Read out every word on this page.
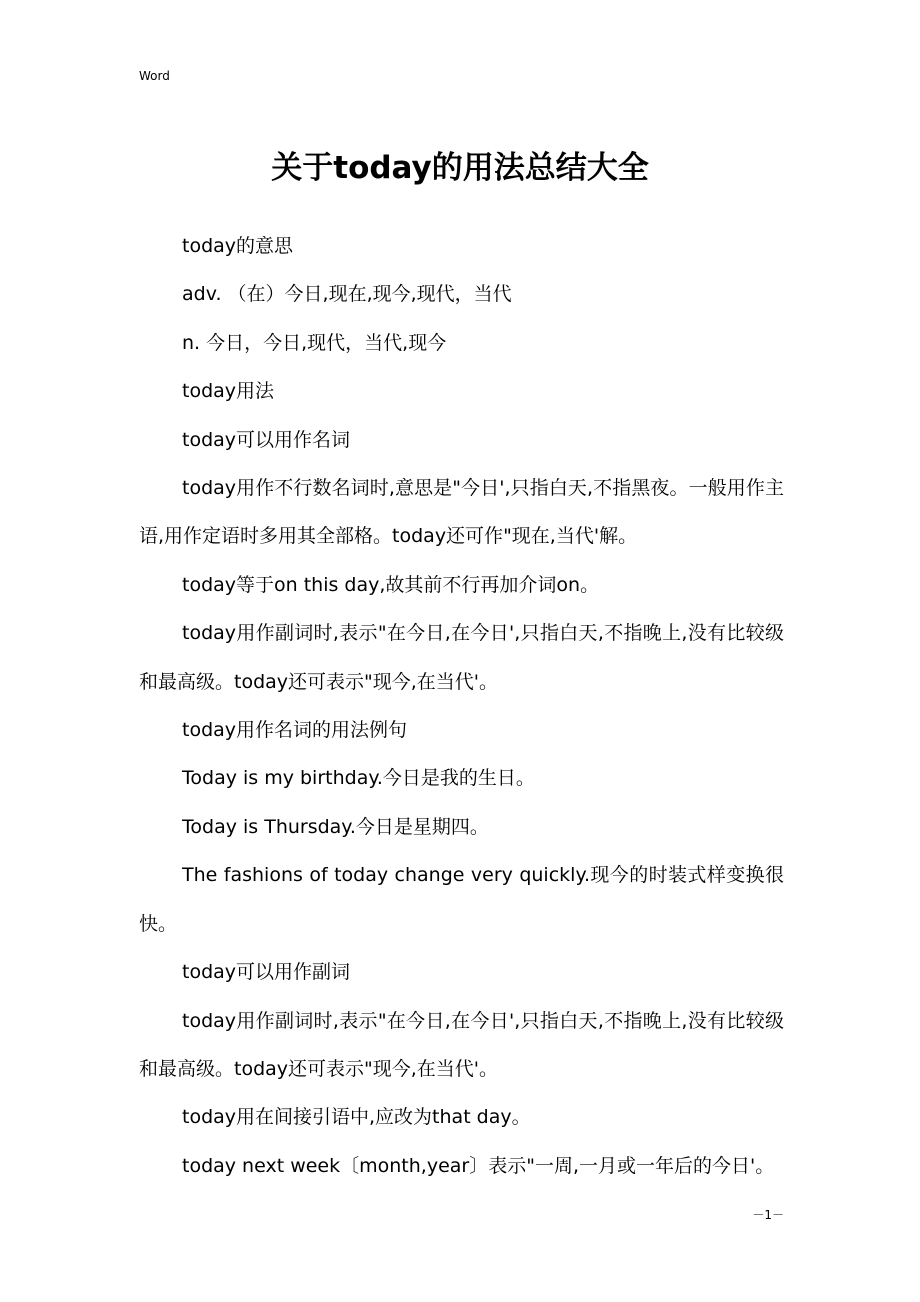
Word
关于today的用法总结大全

today的意思

adv. （在）今日,现在,现今,现代，当代

n. 今日，今日,现代，当代,现今

today用法

today可以用作名词

today用作不行数名词时,意思是"今日',只指白天,不指黑夜。一般用作主语,用作定语时多用其全部格。today还可作"现在,当代'解。

today等于on this day,故其前不行再加介词on。

today用作副词时,表示"在今日,在今日',只指白天,不指晚上,没有比较级和最高级。today还可表示"现今,在当代'。

today用作名词的用法例句

Today is my birthday.今日是我的生日。

Today is Thursday.今日是星期四。

The fashions of today change very quickly.现今的时装式样变换很快。

today可以用作副词

today用作副词时,表示"在今日,在今日',只指白天,不指晚上,没有比较级和最高级。today还可表示"现今,在当代'。

today用在间接引语中,应改为that day。

today next week〔month,year〕表示"一周,一月或一年后的今日'。

－1－
